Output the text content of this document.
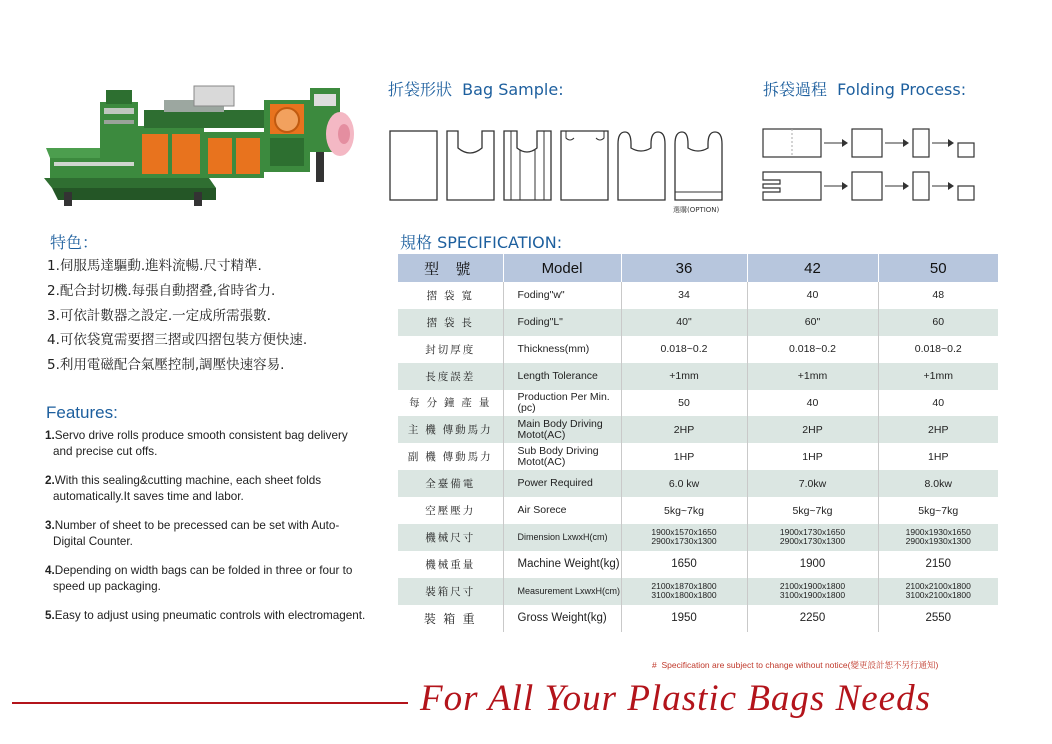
折袋形狀  Bag Sample:	拆袋過程  Folding Process:
選購(OPTION)
特色：
1.伺服馬達驅動.進料流暢.尺寸精準.
2.配合封切機.每張自動摺叠,省時省力.
3.可依計數器之設定.一定成所需張數.
4.可依袋寬需要摺三摺或四摺包裝方便快速.
5.利用電磁配合氣壓控制,調壓快速容易.
Features:
1.Servo drive rolls produce smooth consistent bag delivery and precise cut offs.
2.With this sealing&cutting machine, each sheet folds automatically.It saves time and labor.
3.Number of sheet to be precessed can be set with Auto-Digital Counter.
4.Depending on width bags can be folded in three or four to speed up packaging.
5.Easy to adjust using pneumatic controls with electromagent.
規格 SPECIFICATION:
型 號	Model	36	42	50
摺 袋 寬	Foding"w"	34	40	48
摺 袋 長	Foding"L"	40"	60"	60
封切厚度	Thickness(mm)	0.018~0.2	0.018~0.2	0.018~0.2
長度誤差	Length Tolerance	+1mm	+1mm	+1mm
每 分 鐘 產 量	Production Per Min.(pc)	50	40	40
主 機 傳動馬力	Main Body Driving Motot(AC)	2HP	2HP	2HP
副 機 傳動馬力	Sub Body Driving Motot(AC)	1HP	1HP	1HP
全臺備電	Power Required	6.0 kw	7.0kw	8.0kw
空壓壓力	Air Sorece	5kg~7kg	5kg~7kg	5kg~7kg
機械尺寸	Dimension LxwxH(cm)	1900x1570x1650 2900x1730x1300	1900x1730x1650 2900x1730x1300	1900x1930x1650 2900x1930x1300
機械重量	Machine Weight(kg)	1650	1900	2150
裝箱尺寸	Measurement LxwxH(cm)	2100x1870x1800 3100x1800x1800	2100x1900x1800 3100x1900x1800	2100x2100x1800 3100x2100x1800
裝 箱 重	Gross Weight(kg)	1950	2250	2550
#  Specification are subject to change without notice(變更設計恕不另行通知)
For All Your Plastic Bags Needs
